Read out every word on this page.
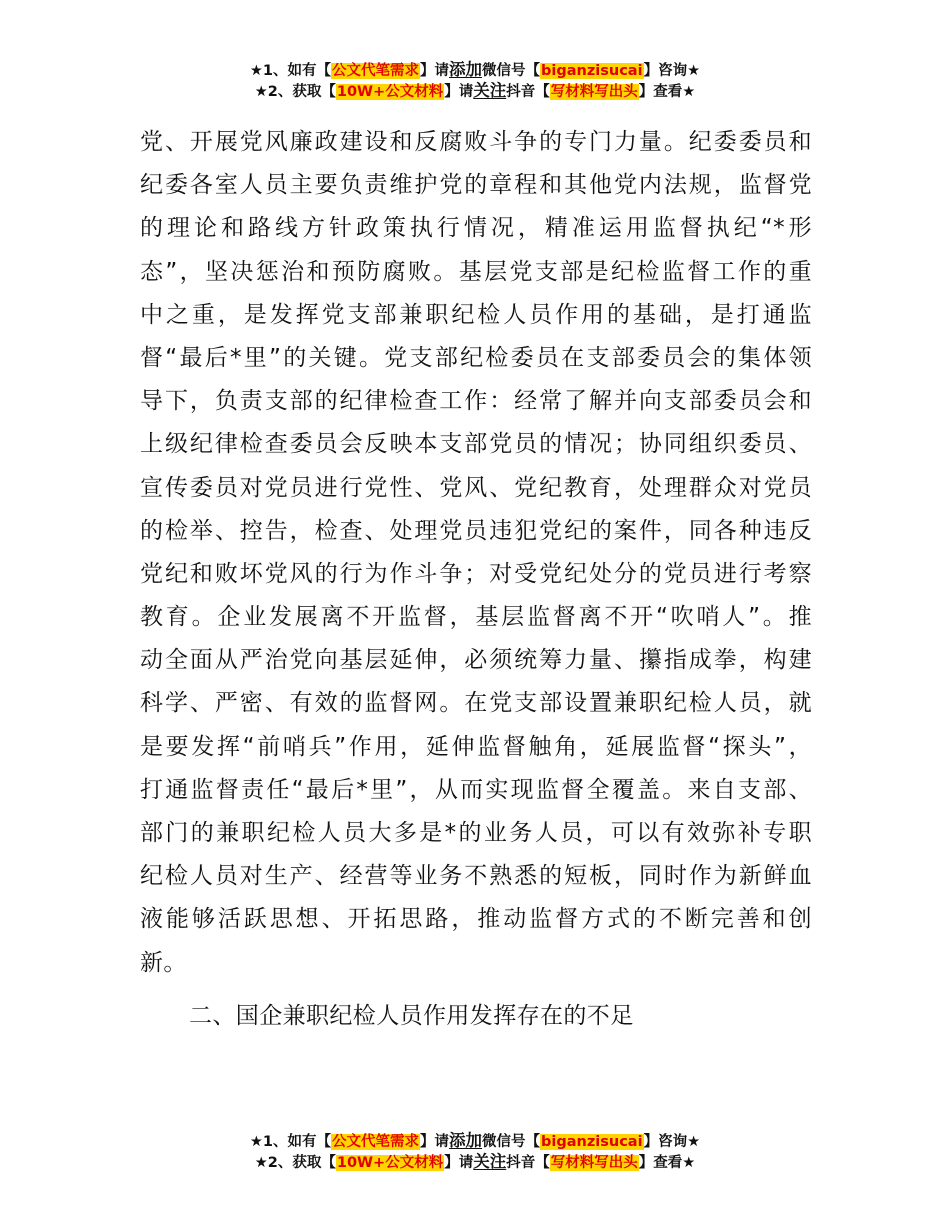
★1、如有【公文代笔需求】请添加微信号【biganzisucai】咨询★
★2、获取【10W+公文材料】请关注抖音【写材料写出头】查看★
党、开展党风廉政建设和反腐败斗争的专门力量。纪委委员和
纪委各室人员主要负责维护党的章程和其他党内法规，监督党
的理论和路线方针政策执行情况，精准运用监督执纪“*形
态”，坚决惩治和预防腐败。基层党支部是纪检监督工作的重
中之重，是发挥党支部兼职纪检人员作用的基础，是打通监
督“最后*里”的关键。党支部纪检委员在支部委员会的集体领
导下，负责支部的纪律检查工作：经常了解并向支部委员会和
上级纪律检查委员会反映本支部党员的情况；协同组织委员、
宣传委员对党员进行党性、党风、党纪教育，处理群众对党员
的检举、控告，检查、处理党员违犯党纪的案件，同各种违反
党纪和败坏党风的行为作斗争；对受党纪处分的党员进行考察
教育。企业发展离不开监督，基层监督离不开“吹哨人”。推
动全面从严治党向基层延伸，必须统筹力量、攥指成拳，构建
科学、严密、有效的监督网。在党支部设置兼职纪检人员，就
是要发挥“前哨兵”作用，延伸监督触角，延展监督“探头”，
打通监督责任“最后*里”，从而实现监督全覆盖。来自支部、
部门的兼职纪检人员大多是*的业务人员，可以有效弥补专职
纪检人员对生产、经营等业务不熟悉的短板，同时作为新鲜血
液能够活跃思想、开拓思路，推动监督方式的不断完善和创
新。
二、国企兼职纪检人员作用发挥存在的不足
★1、如有【公文代笔需求】请添加微信号【biganzisucai】咨询★
★2、获取【10W+公文材料】请关注抖音【写材料写出头】查看★
